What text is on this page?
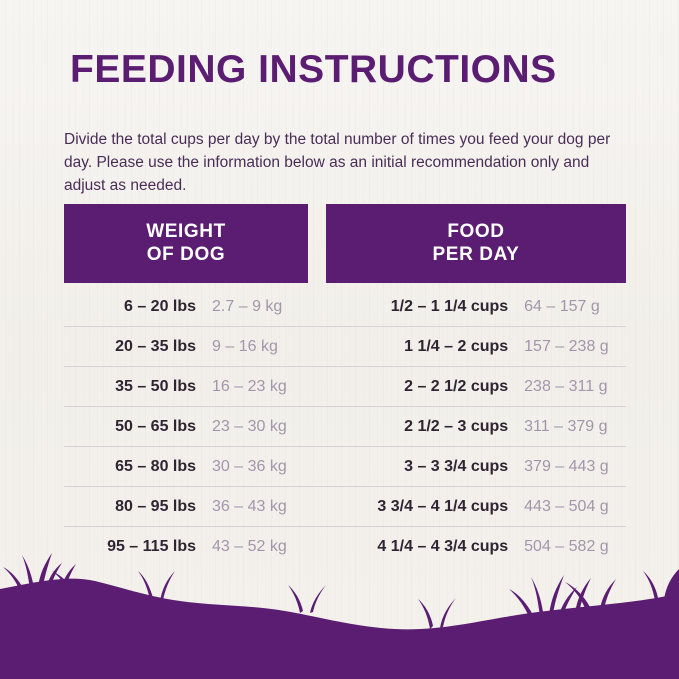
FEEDING INSTRUCTIONS
Divide the total cups per day by the total number of times you feed your dog per day. Please use the information below as an initial recommendation only and adjust as needed.
WEIGHT
OF DOG
FOOD
PER DAY
6 – 20 lbs	2.7 – 9 kg	1/2 – 1 1/4 cups	64 – 157 g
20 – 35 lbs	9 – 16 kg	1 1/4 – 2 cups	157 – 238 g
35 – 50 lbs	16 – 23 kg	2 – 2 1/2 cups	238 – 311 g
50 – 65 lbs	23 – 30 kg	2 1/2 – 3 cups	311 – 379 g
65 – 80 lbs	30 – 36 kg	3 – 3 3/4 cups	379 – 443 g
80 – 95 lbs	36 – 43 kg	3 3/4 – 4 1/4 cups	443 – 504 g
95 – 115 lbs	43 – 52 kg	4 1/4 – 4 3/4 cups	504 – 582 g
